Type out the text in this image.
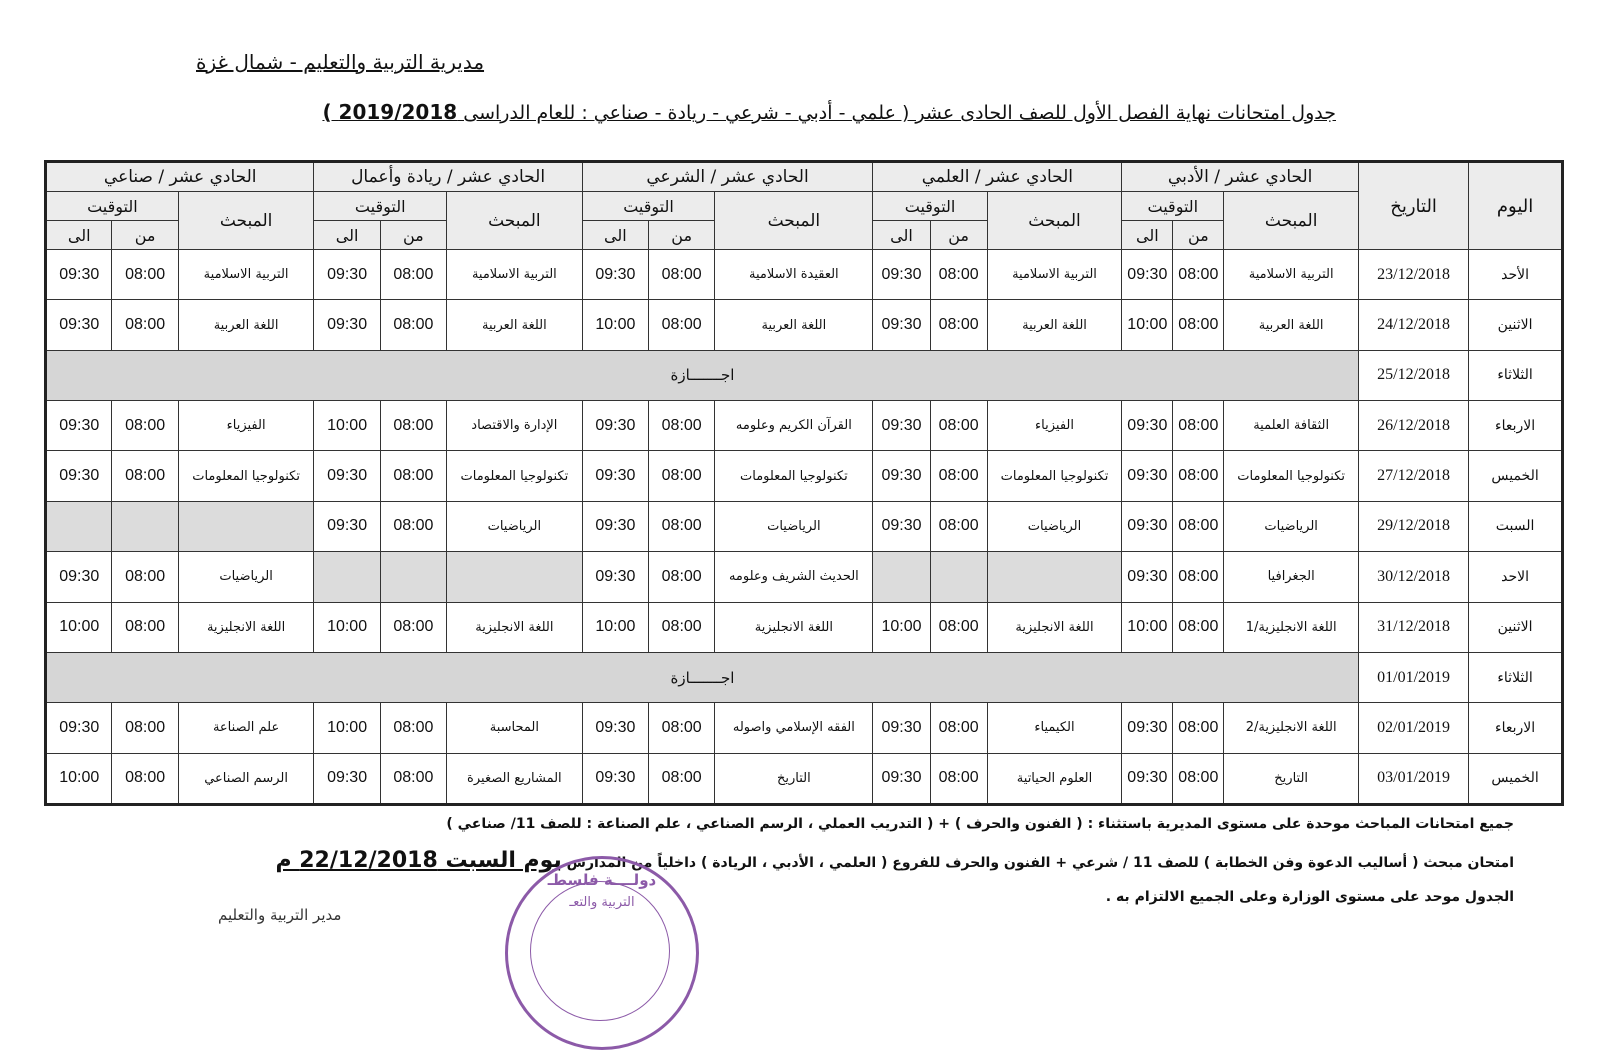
مديرية التربية والتعليم - شمال غزة
جدول امتحانات نهاية الفصل الأول للصف الحادى عشر ( علمي - أدبي - شرعي - ريادة - صناعي : للعام الدراسى 2019/2018 )
اليوم	التاريخ	الحادي عشر / الأدبي			الحادي عشر / العلمي			الحادي عشر / الشرعي			الحادي عشر / ريادة وأعمال			الحادي عشر / صناعي		
		المبحث	التوقيت		المبحث	التوقيت		المبحث	التوقيت		المبحث	التوقيت		المبحث	التوقيت	
			من	الى		من	الى		من	الى		من	الى		من	الى
الأحد	23/12/2018	التربية الاسلامية	08:00	09:30	التربية الاسلامية	08:00	09:30	العقيدة الاسلامية	08:00	09:30	التربية الاسلامية	08:00	09:30	التربية الاسلامية	08:00	09:30
الاثنين	24/12/2018	اللغة العربية	08:00	10:00	اللغة العربية	08:00	09:30	اللغة العربية	08:00	10:00	اللغة العربية	08:00	09:30	اللغة العربية	08:00	09:30
الثلاثاء	25/12/2018	اجـــــــازة														
الاربعاء	26/12/2018	الثقافة العلمية	08:00	09:30	الفيزياء	08:00	09:30	القرآن الكريم وعلومه	08:00	09:30	الإدارة والاقتصاد	08:00	10:00	الفيزياء	08:00	09:30
الخميس	27/12/2018	تكنولوجيا المعلومات	08:00	09:30	تكنولوجيا المعلومات	08:00	09:30	تكنولوجيا المعلومات	08:00	09:30	تكنولوجيا المعلومات	08:00	09:30	تكنولوجيا المعلومات	08:00	09:30
السبت	29/12/2018	الرياضيات	08:00	09:30	الرياضيات	08:00	09:30	الرياضيات	08:00	09:30	الرياضيات	08:00	09:30			
الاحد	30/12/2018	الجغرافيا	08:00	09:30				الحديث الشريف وعلومه	08:00	09:30				الرياضيات	08:00	09:30
الاثنين	31/12/2018	اللغة الانجليزية/1	08:00	10:00	اللغة الانجليزية	08:00	10:00	اللغة الانجليزية	08:00	10:00	اللغة الانجليزية	08:00	10:00	اللغة الانجليزية	08:00	10:00
الثلاثاء	01/01/2019	اجـــــــازة														
الاربعاء	02/01/2019	اللغة الانجليزية/2	08:00	09:30	الكيمياء	08:00	09:30	الفقه الإسلامي واصوله	08:00	09:30	المحاسبة	08:00	10:00	علم الصناعة	08:00	09:30
الخميس	03/01/2019	التاريخ	08:00	09:30	العلوم الحياتية	08:00	09:30	التاريخ	08:00	09:30	المشاريع الصغيرة	08:00	09:30	الرسم الصناعي	08:00	10:00
جميع امتحانات المباحث موحدة على مستوى المديرية باستثناء : ( الفنون والحرف ) + ( التدريب العملي ، الرسم الصناعي ، علم الصناعة : للصف 11/ صناعي )
امتحان مبحث ( أساليب الدعوة وفن الخطابة ) للصف 11 / شرعي + الفنون والحرف للفروع ( العلمي ، الأدبي ، الريادة ) داخلياً من المدارس يوم السبت 22/12/2018 م
الجدول موحد على مستوى الوزارة وعلى الجميع الالتزام به .
دولــــة فلسطـ
التربية والتعـ
مدير التربية والتعليم
